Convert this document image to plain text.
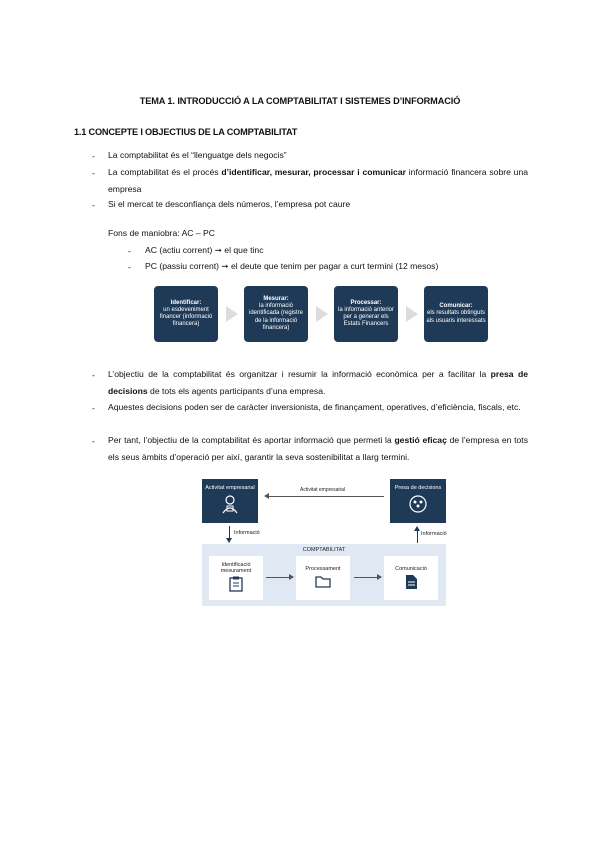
TEMA 1. INTRODUCCIÓ A LA COMPTABILITAT I SISTEMES D’INFORMACIÓ
1.1 CONCEPTE I OBJECTIUS DE LA COMPTABILITAT
- La comptabilitat és el “llenguatge dels negocis”
- La comptabilitat és el procés d’identificar, mesurar, processar i comunicar informació financera sobre una empresa
- Si el mercat te desconfiança dels números, l’empresa pot caure
Fons de maniobra: AC – PC
- AC (actiu corrent) ➞ el que tinc
- PC (passiu corrent) ➞ el deute que tenim per pagar a curt termini (12 mesos)
Identificar:
un esdeveniment financer (informació financera)
Mesurar:
la informació identificada (registre de la informació financera)
Processar:
la informació anterior per a generar els Estats Financers
Comunicar:
els resultats obtinguts als usuaris interessats
- L’objectiu de la comptabilitat és organitzar i resumir la informació econòmica per a facilitar la presa de decisions de tots els agents participants d’una empresa.
- Aquestes decisions poden ser de caràcter inversionista, de finançament, operatives, d’eficiència, fiscals, etc.
- Per tant, l’objectiu de la comptabilitat és aportar informació que permeti la gestió eficaç de l’empresa en tots els seus àmbits d’operació per així, garantir la seva sostenibilitat a llarg termini.
Activitat empresarial	Presa de decisions
Activitat empresarial
Informació	Informació
COMPTABILITAT
Identificació mesurament	Processament	Comunicació
